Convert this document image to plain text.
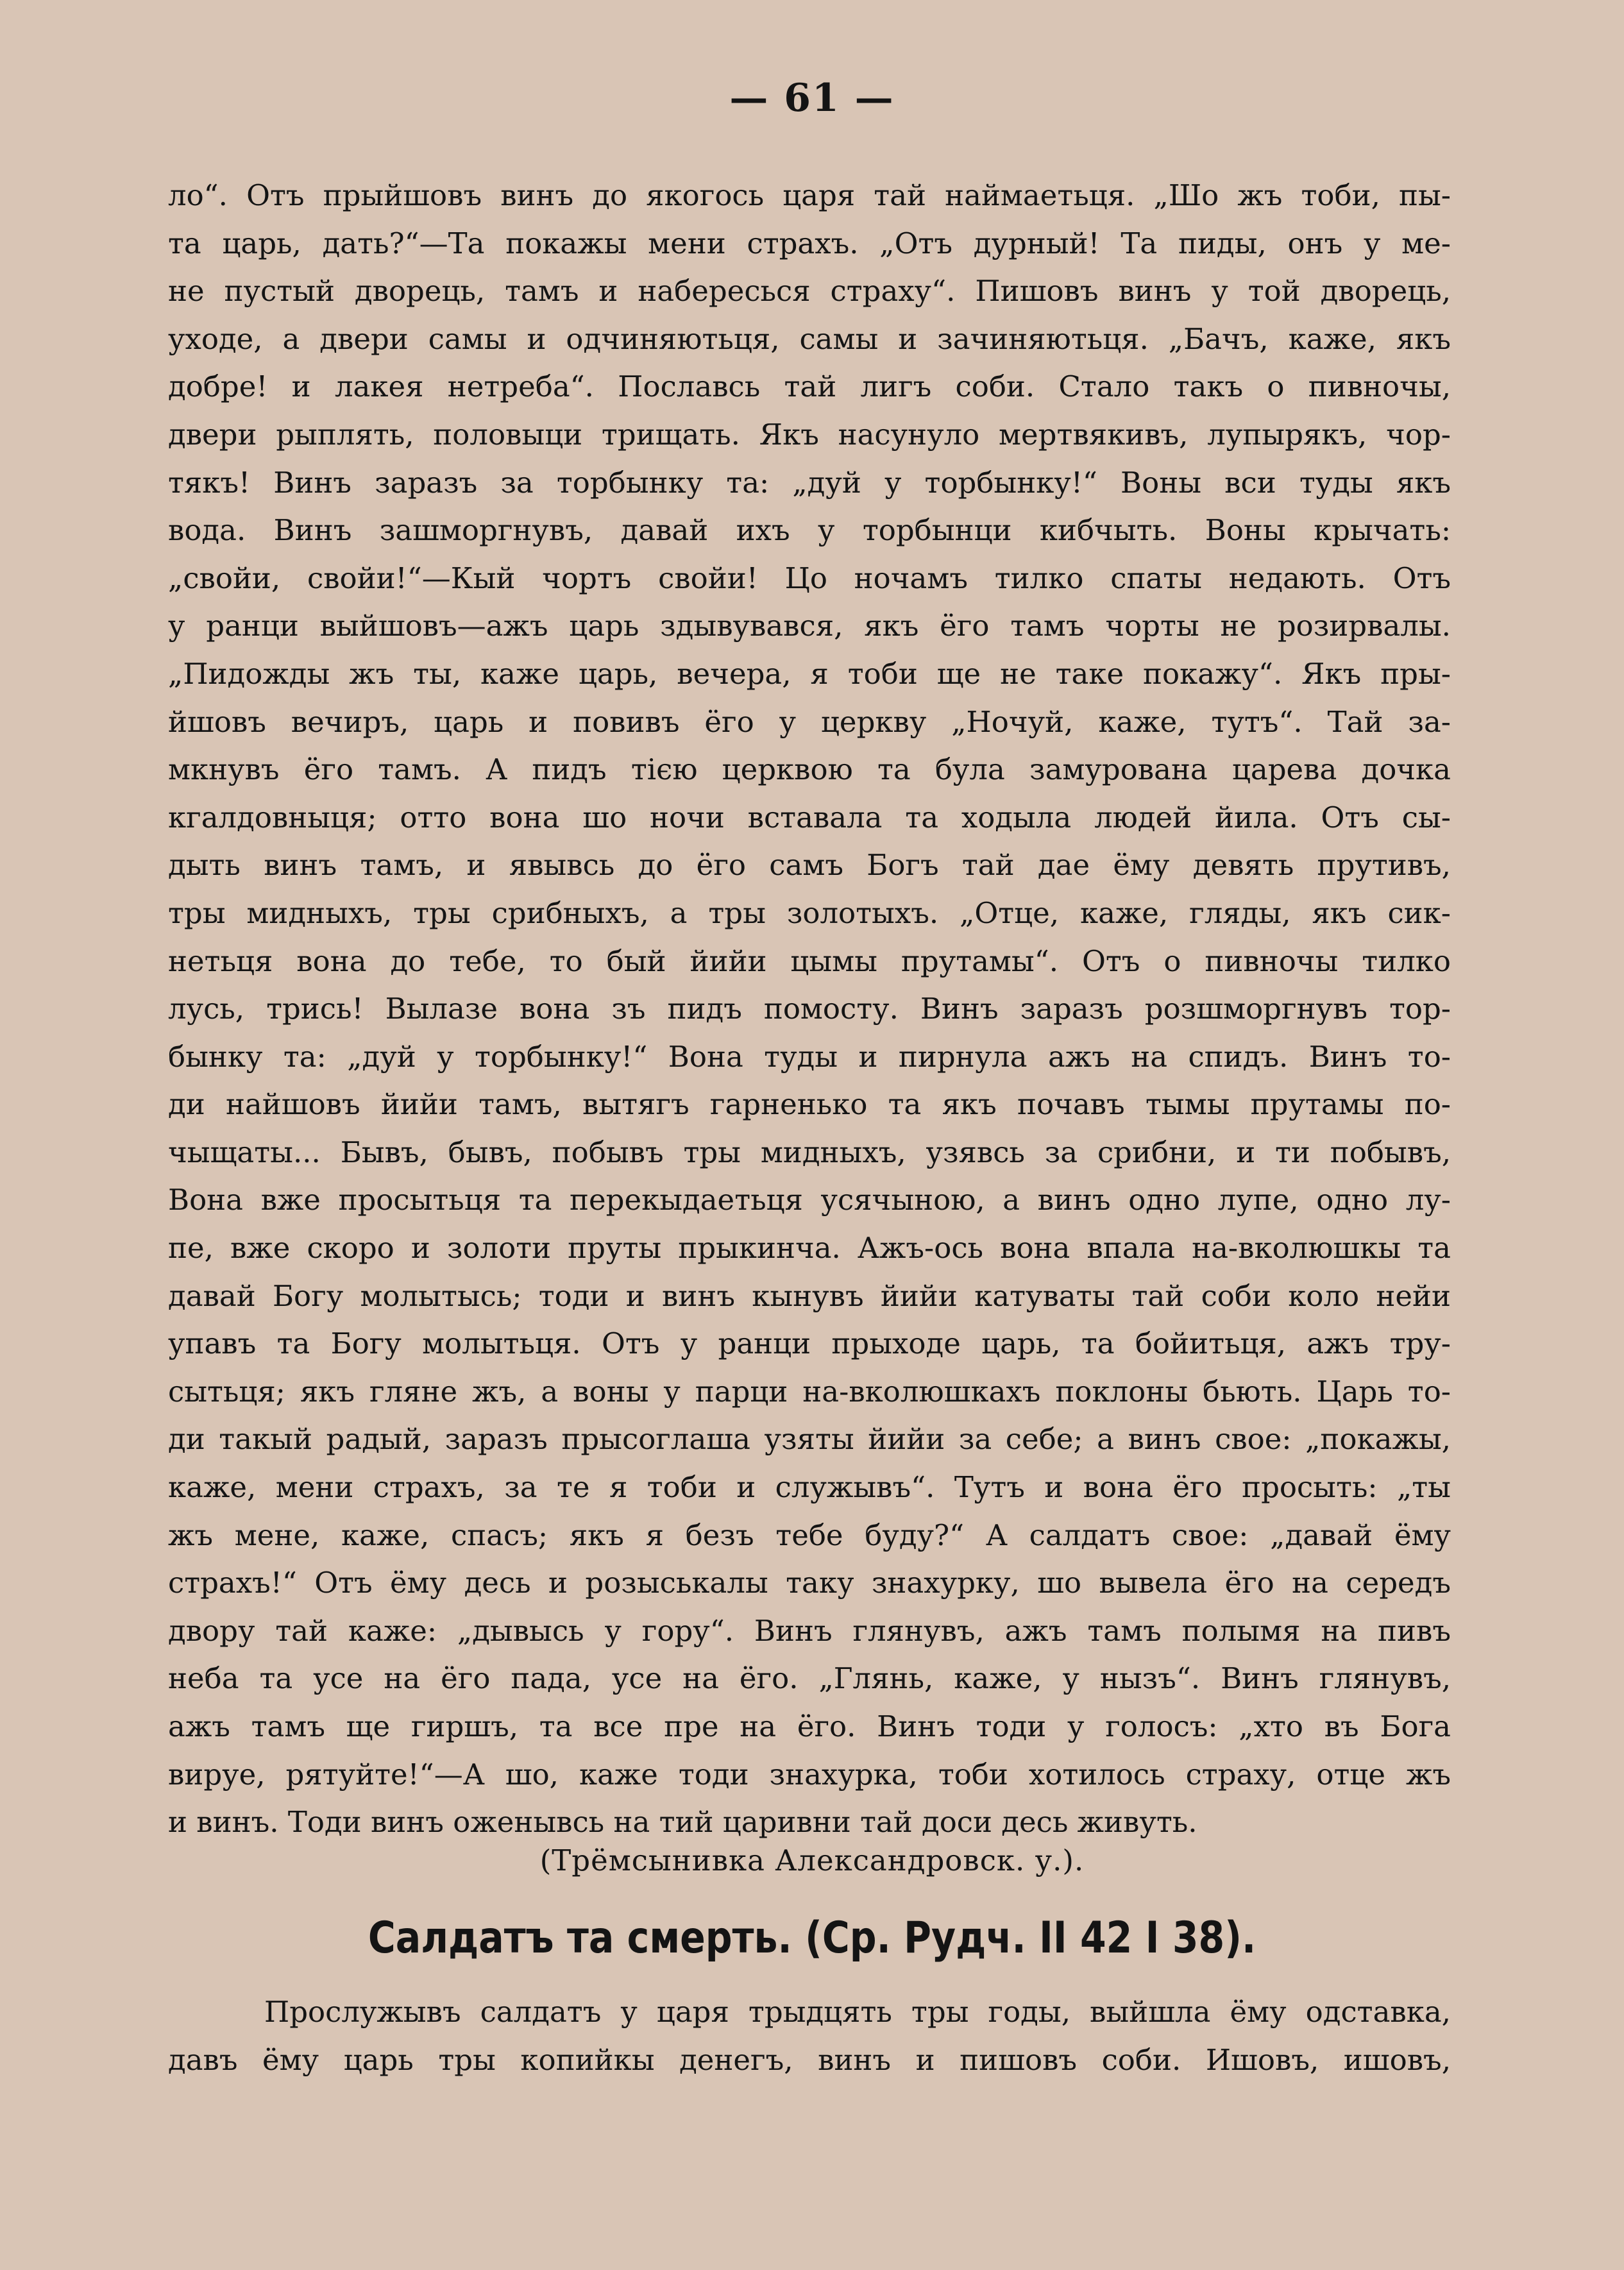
— 61 —
ло“. Отъ прыйшовъ винъ до якогось царя тай наймаетьця. „Шо жъ тоби, пы-
та царь, дать?“—Та покажы мени страхъ. „Отъ дурный! Та пиды, онъ у ме-
не пустый дворець, тамъ и набересься страху“. Пишовъ винъ у той дворець,
уходе, а двери самы и одчиняютьця, самы и зачиняютьця. „Бачъ, каже, якъ
добре! и лакея нетреба“. Пославсь тай лигъ соби. Стало такъ о пивночы,
двери рыплять, половыци трищать. Якъ насунуло мертвякивъ, лупырякъ, чор-
тякъ! Винъ заразъ за торбынку та: „дуй у торбынку!“ Воны вси туды якъ
вода. Винъ зашморгнувъ, давай ихъ у торбынци кибчыть. Воны крычать:
„свойи, свойи!“—Кый чортъ свойи! Цо ночамъ тилко спаты недають. Отъ
у ранци выйшовъ—ажъ царь здывувався, якъ ёго тамъ чорты не розирвалы.
„Пидожды жъ ты, каже царь, вечера, я тоби ще не таке покажу“. Якъ пры-
йшовъ вечиръ, царь и повивъ ёго у церкву „Ночуй, каже, тутъ“. Тай за-
мкнувъ ёго тамъ. А пидъ тією церквою та була замурована царева дочка
кгалдовныця; отто вона шо ночи вставала та ходыла людей йила. Отъ сы-
дыть винъ тамъ, и явывсь до ёго самъ Богъ тай дае ёму девять прутивъ,
тры мидныхъ, тры срибныхъ, а тры золотыхъ. „Отце, каже, гляды, якъ сик-
нетьця вона до тебе, то бый йийи цымы прутамы“. Отъ о пивночы тилко
лусь, трись! Вылазе вона зъ пидъ помосту. Винъ заразъ розшморгнувъ тор-
бынку та: „дуй у торбынку!“ Вона туды и пирнула ажъ на спидъ. Винъ то-
ди найшовъ йийи тамъ, вытягъ гарненько та якъ почавъ тымы прутамы по-
чыщаты... Бывъ, бывъ, побывъ тры мидныхъ, узявсь за срибни, и ти побывъ,
Вона вже просытьця та перекыдаетьця усячыною, а винъ одно лупе, одно лу-
пе, вже скоро и золоти пруты прыкинча. Ажъ-ось вона впала на-вколюшкы та
давай Богу молытысь; тоди и винъ кынувъ йийи катуваты тай соби коло нейи
упавъ та Богу молытьця. Отъ у ранци прыходе царь, та бойитьця, ажъ тру-
сытьця; якъ гляне жъ, а воны у парци на-вколюшкахъ поклоны бьють. Царь то-
ди такый радый, заразъ прысоглаша узяты йийи за себе; а винъ свое: „покажы,
каже, мени страхъ, за те я тоби и служывъ“. Тутъ и вона ёго просыть: „ты
жъ мене, каже, спасъ; якъ я безъ тебе буду?“ А салдатъ свое: „давай ёму
страхъ!“ Отъ ёму десь и розыськалы таку знахурку, шо вывела ёго на середъ
двору тай каже: „дывысь у гору“. Винъ глянувъ, ажъ тамъ полымя на пивъ
неба та усе на ёго пада, усе на ёго. „Глянь, каже, у нызъ“. Винъ глянувъ,
ажъ тамъ ще гиршъ, та все пре на ёго. Винъ тоди у голосъ: „хто въ Бога
вируе, рятуйте!“—А шо, каже тоди знахурка, тоби хотилось страху, отце жъ
и винъ. Тоди винъ оженывсь на тий царивни тай доси десь живуть.
(Трёмсынивка Александровск. у.).
Салдатъ та смерть. (Ср. Рудч. II 42 I 38).
Прослужывъ салдатъ у царя трыдцять тры годы, выйшла ёму одставка,
давъ ёму царь тры копийкы денегъ, винъ и пишовъ соби. Ишовъ, ишовъ,
